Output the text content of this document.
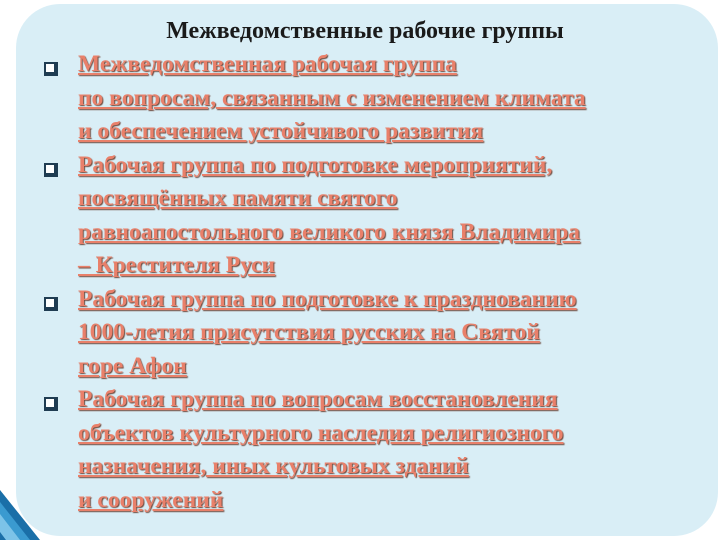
Межведомственные рабочие группы
Межведомственная рабочая группа
по вопросам, связанным с изменением климата
и обеспечением устойчивого развития
Рабочая группа по подготовке мероприятий,
посвящённых памяти святого
равноапостольного великого князя Владимира
– Крестителя Руси
Рабочая группа по подготовке к празднованию
1000-летия присутствия русских на Святой
горе Афон
Рабочая группа по вопросам восстановления
объектов культурного наследия религиозного
назначения, иных культовых зданий
и сооружений
